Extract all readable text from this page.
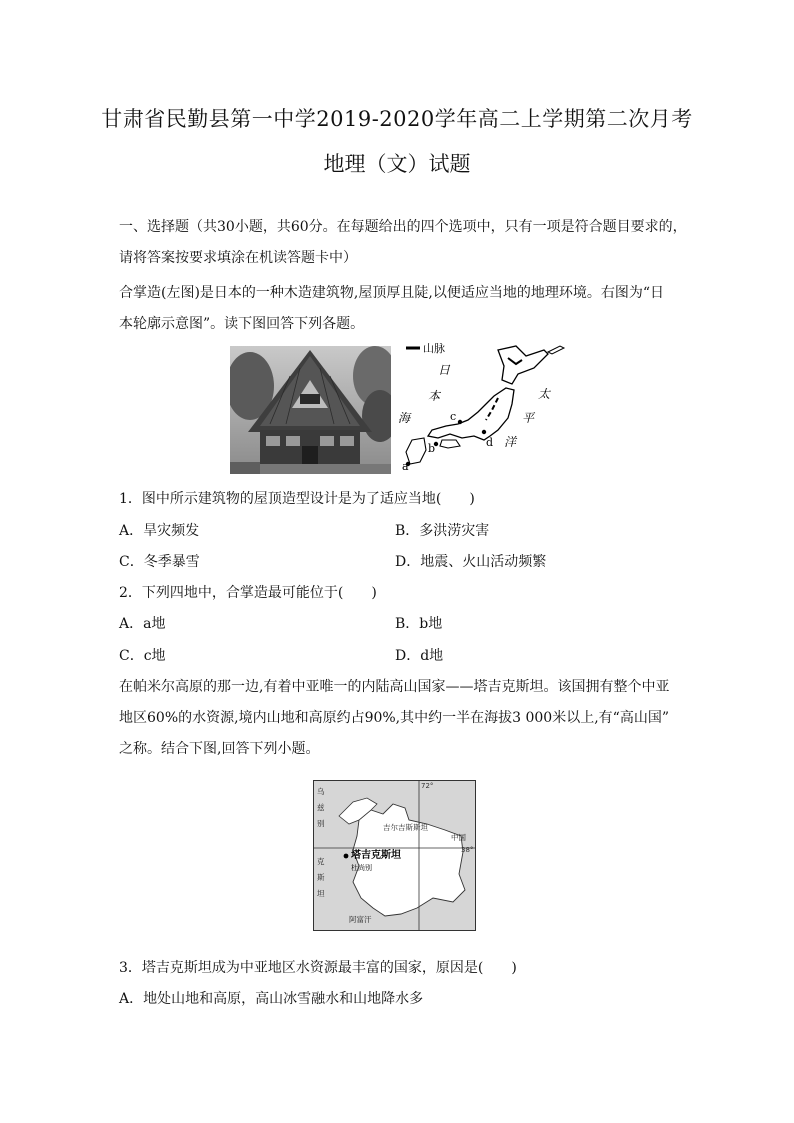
甘肃省民勤县第一中学2019-2020学年高二上学期第二次月考
地理（文）试题
一、选择题（共30小题，共60分。在每题给出的四个选项中，只有一项是符合题目要求的，
请将答案按要求填涂在机读答题卡中）
合掌造(左图)是日本的一种木造建筑物,屋顶厚且陡,以便适应当地的地理环境。右图为“日
本轮廓示意图”。读下图回答下列各题。
山脉
a
b
c
d
日
本
海
太
平
洋
1．图中所示建筑物的屋顶造型设计是为了适应当地(　　)
A．旱灾频发	B．多洪涝灾害
C．冬季暴雪	D．地震、火山活动频繁
2．下列四地中，合掌造最可能位于(　　)
A．a地	B．b地
C．c地	D．d地
在帕米尔高原的那一边,有着中亚唯一的内陆高山国家——塔吉克斯坦。该国拥有整个中亚
地区60%的水资源,境内山地和高原约占90%,其中约一半在海拔3 000米以上,有“高山国”
之称。结合下图,回答下列小题。
72°
38°
乌
兹
别
克
斯
坦
吉尔吉斯斯坦
中国
阿富汗
塔吉克斯坦
杜尚别
3．塔吉克斯坦成为中亚地区水资源最丰富的国家，原因是(　　)
A．地处山地和高原，高山冰雪融水和山地降水多
